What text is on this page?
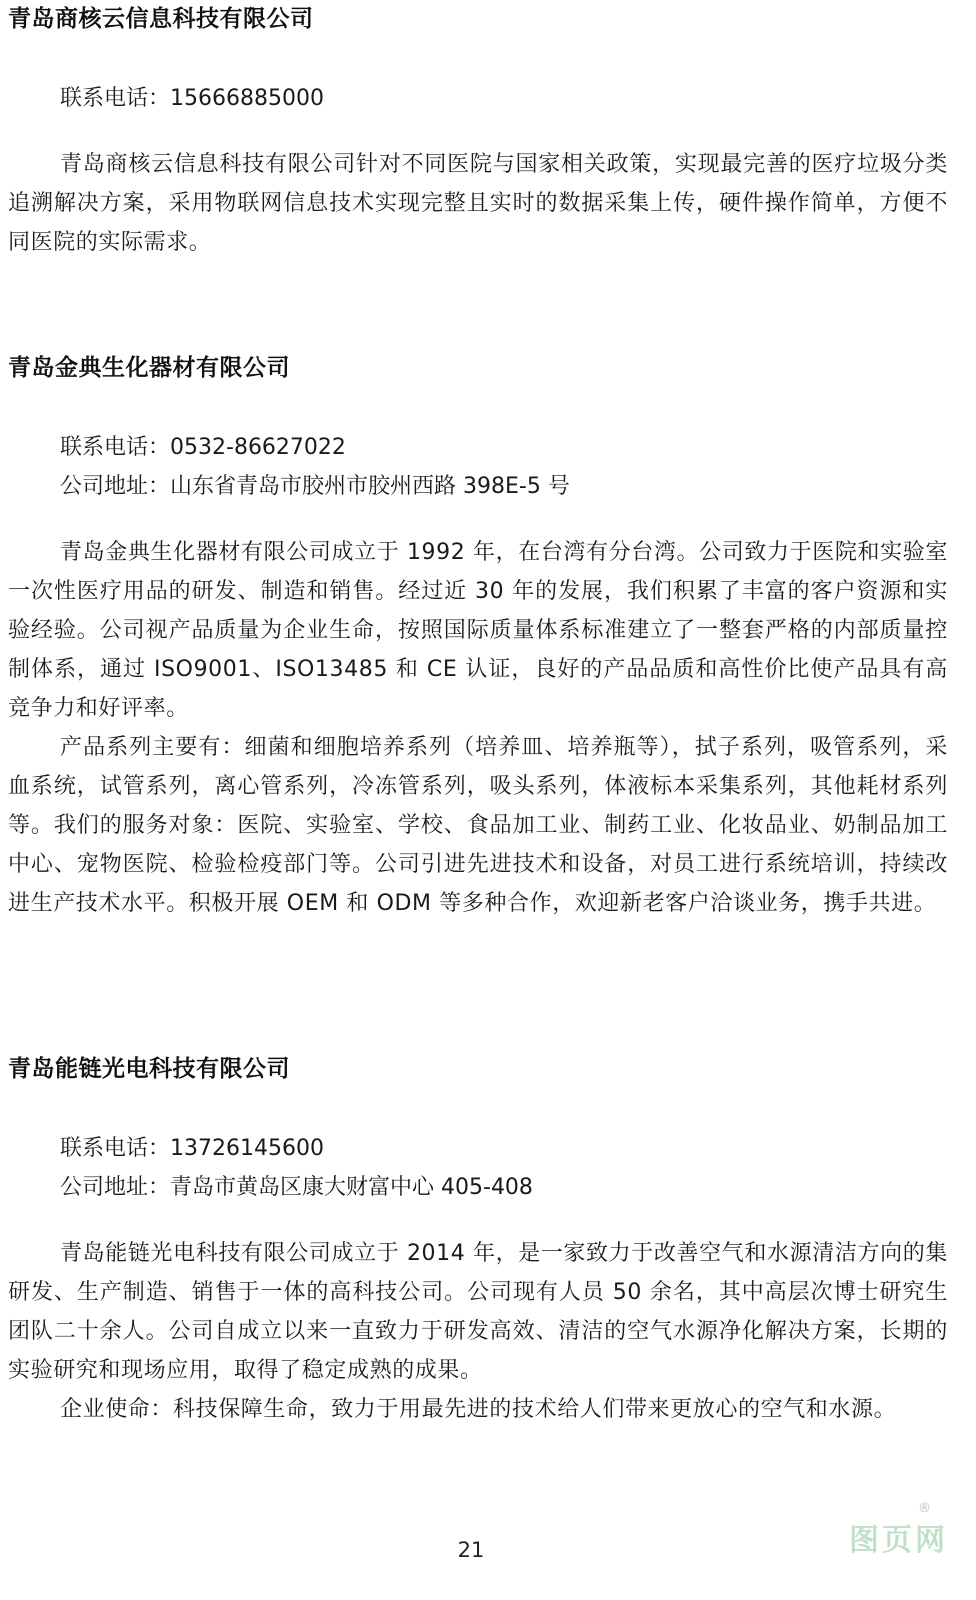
青岛商核云信息科技有限公司

联系电话：15666885000

青岛商核云信息科技有限公司针对不同医院与国家相关政策，实现最完善的医疗垃圾分类追溯解决方案，采用物联网信息技术实现完整且实时的数据采集上传，硬件操作简单，方便不同医院的实际需求。

青岛金典生化器材有限公司

联系电话：0532-86627022

公司地址：山东省青岛市胶州市胶州西路 398E-5 号

青岛金典生化器材有限公司成立于 1992 年，在台湾有分台湾。公司致力于医院和实验室一次性医疗用品的研发、制造和销售。经过近 30 年的发展，我们积累了丰富的客户资源和实验经验。公司视产品质量为企业生命，按照国际质量体系标准建立了一整套严格的内部质量控制体系，通过 ISO9001、ISO13485 和 CE 认证，良好的产品品质和高性价比使产品具有高竞争力和好评率。

产品系列主要有：细菌和细胞培养系列（培养皿、培养瓶等），拭子系列，吸管系列，采血系统，试管系列，离心管系列，冷冻管系列，吸头系列，体液标本采集系列，其他耗材系列等。我们的服务对象：医院、实验室、学校、食品加工业、制药工业、化妆品业、奶制品加工中心、宠物医院、检验检疫部门等。公司引进先进技术和设备，对员工进行系统培训，持续改进生产技术水平。积极开展 OEM 和 ODM 等多种合作，欢迎新老客户洽谈业务，携手共进。

青岛能链光电科技有限公司

联系电话：13726145600

公司地址：青岛市黄岛区康大财富中心 405-408

青岛能链光电科技有限公司成立于 2014 年，是一家致力于改善空气和水源清洁方向的集研发、生产制造、销售于一体的高科技公司。公司现有人员 50 余名，其中高层次博士研究生团队二十余人。公司自成立以来一直致力于研发高效、清洁的空气水源净化解决方案，长期的实验研究和现场应用，取得了稳定成熟的成果。

企业使命：科技保障生命，致力于用最先进的技术给人们带来更放心的空气和水源。

21	图页网
®
